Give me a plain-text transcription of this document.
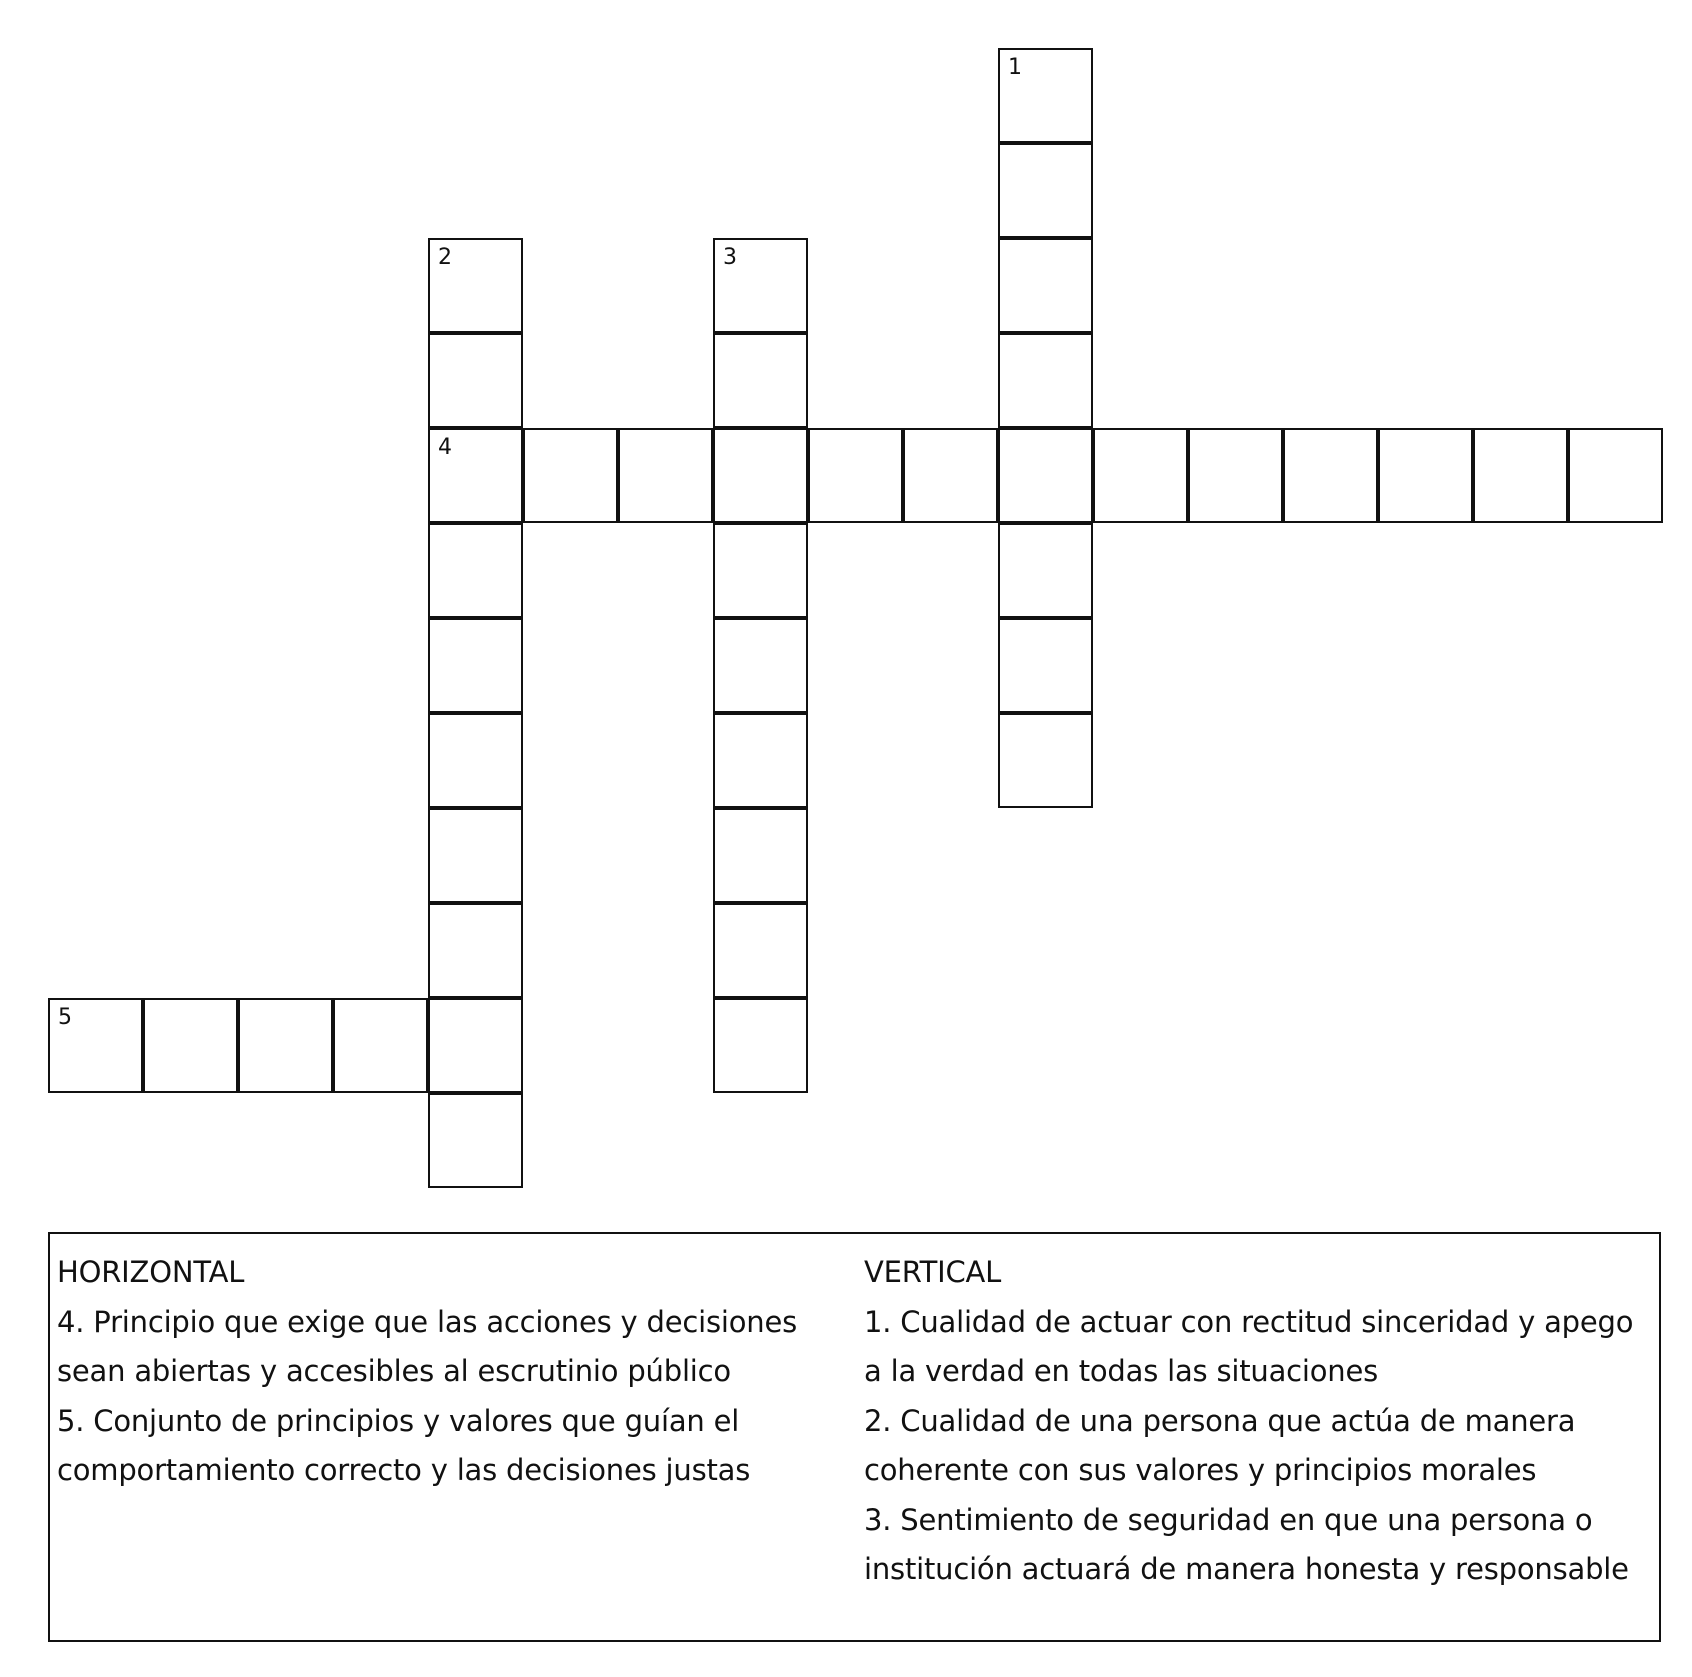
1
2	3
4
5
HORIZONTAL
4. Principio que exige que las acciones y decisiones sean abiertas y accesibles al escrutinio público
5. Conjunto de principios y valores que guían el comportamiento correcto y las decisiones justas
VERTICAL
1. Cualidad de actuar con rectitud sinceridad y apego a la verdad en todas las situaciones
2. Cualidad de una persona que actúa de manera coherente con sus valores y principios morales
3. Sentimiento de seguridad en que una persona o institución actuará de manera honesta y responsable
